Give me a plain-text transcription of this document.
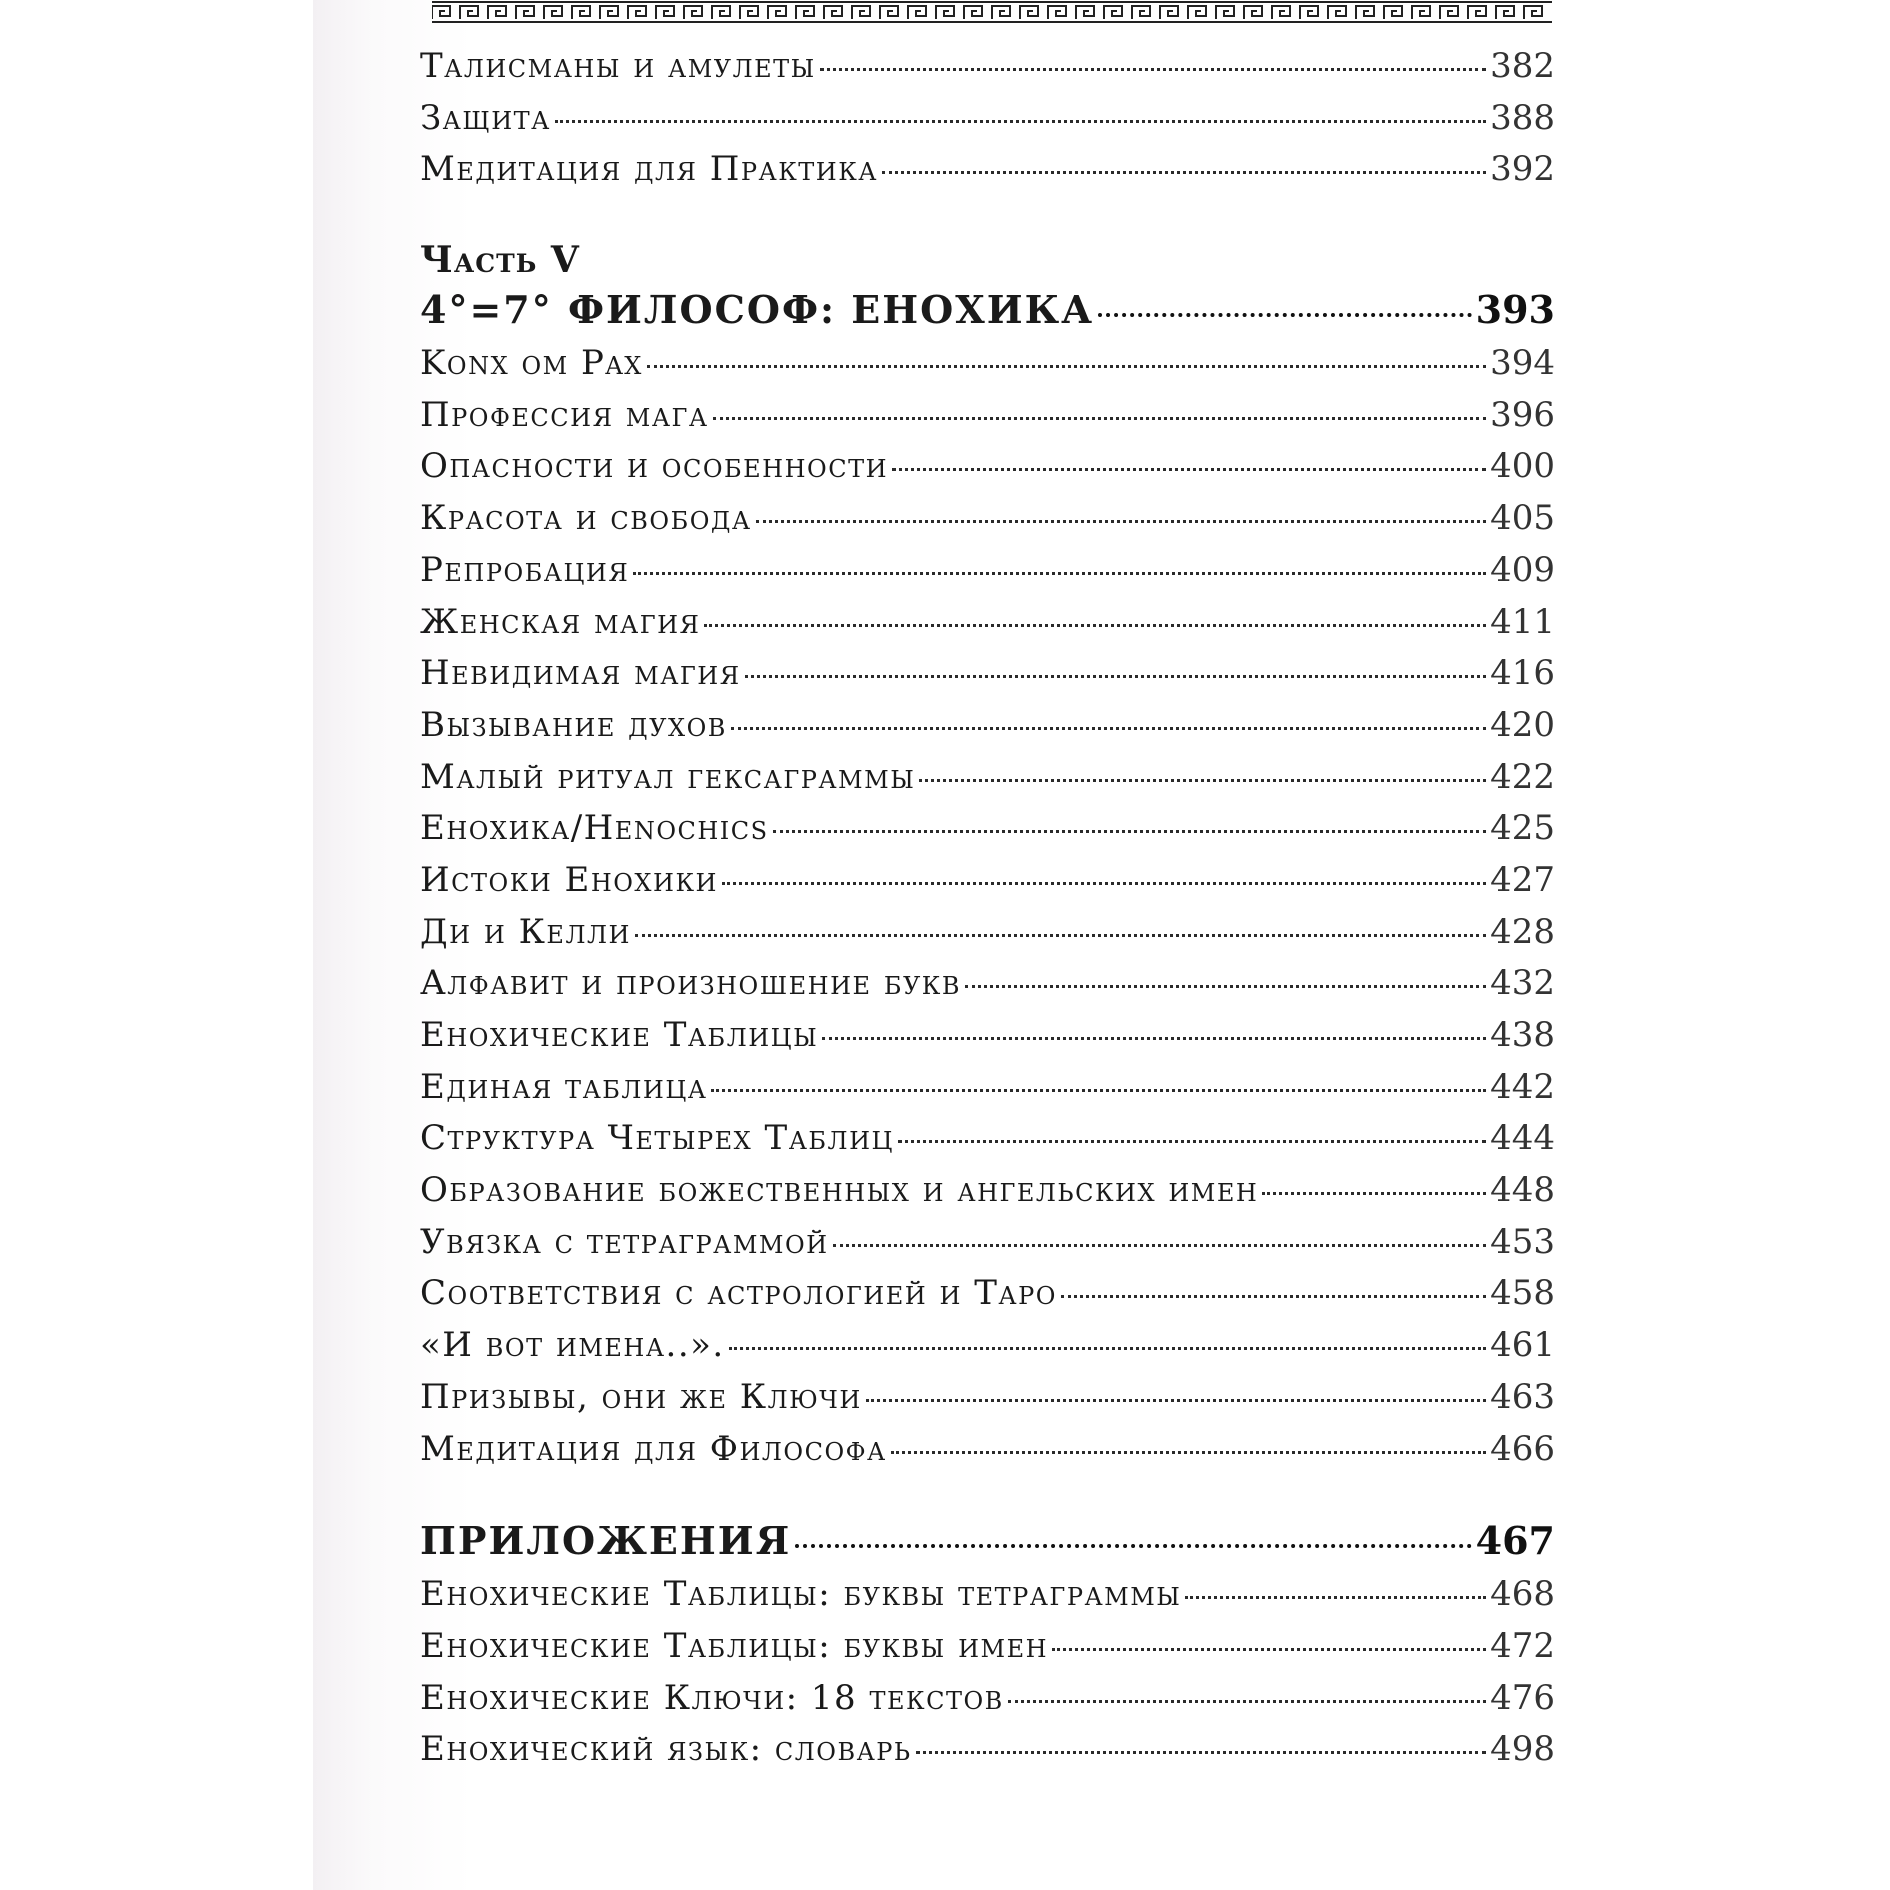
Талисманы и амулеты	382
Защита	388
Медитация для Практика	392
Часть V
4°=7° ФИЛОСОФ: ЕНОХИКА	393
Konx ом Pax	394
Профессия мага	396
Опасности и особенности	400
Красота и свобода	405
Репробация	409
Женская магия	411
Невидимая магия	416
Вызывание духов	420
Малый ритуал гексаграммы	422
Енохика/Henochics	425
Истоки Енохики	427
Ди и Келли	428
Алфавит и произношение букв	432
Енохические Таблицы	438
Единая таблица	442
Структура Четырех Таблиц	444
Образование божественных и ангельских имен	448
Увязка с тетраграммой	453
Соответствия с астрологией и Таро	458
«И вот имена..».	461
Призывы, они же Ключи	463
Медитация для Философа	466
ПРИЛОЖЕНИЯ	467
Енохические Таблицы: буквы тетраграммы	468
Енохические Таблицы: буквы имен	472
Енохические Ключи: 18 текстов	476
Енохический язык: словарь	498
